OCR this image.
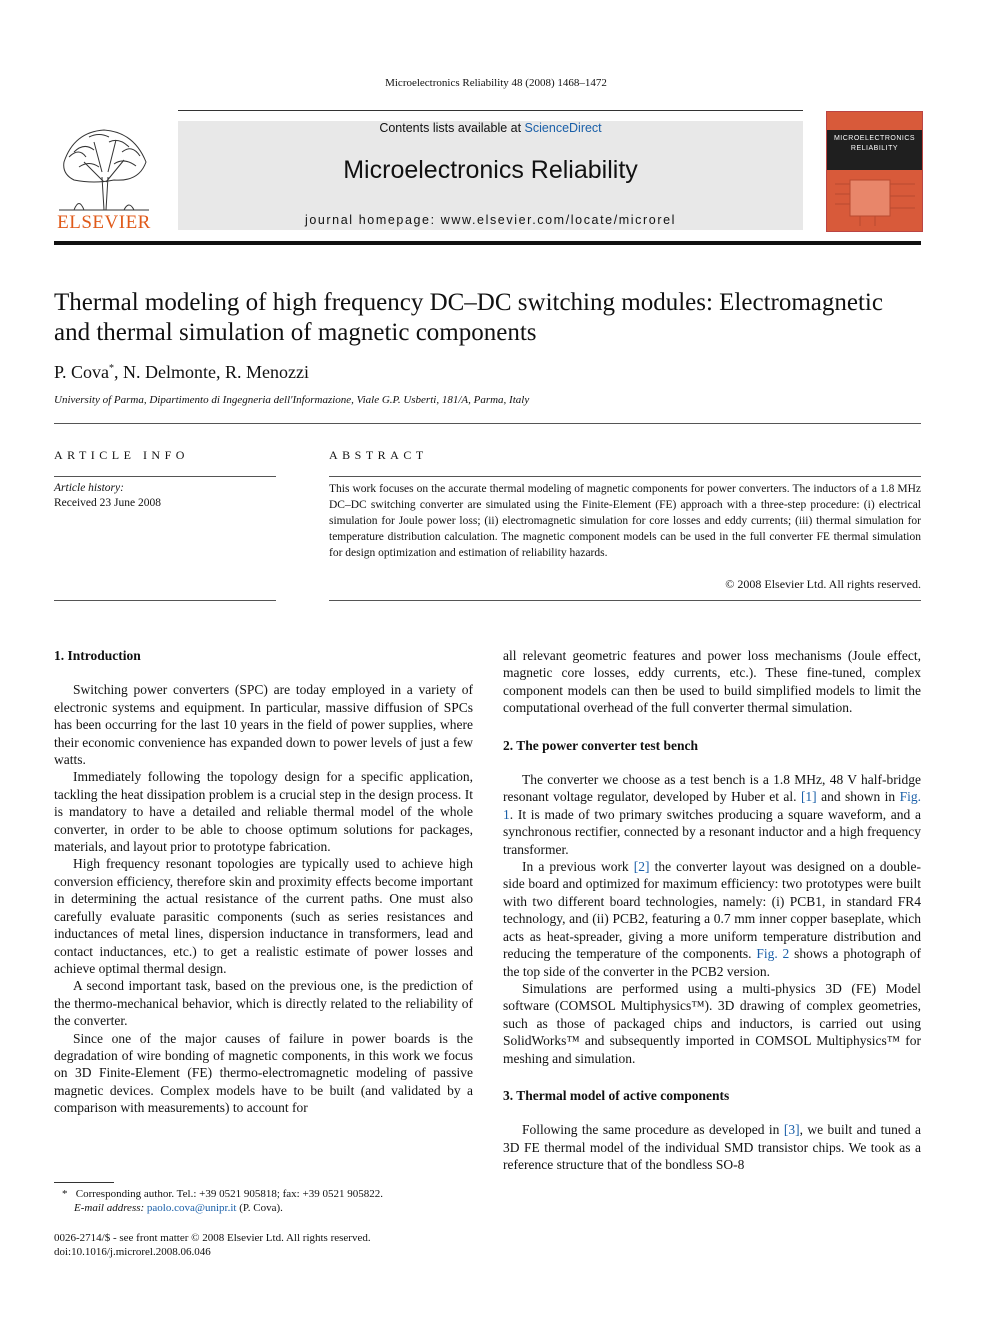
Microelectronics Reliability 48 (2008) 1468–1472
ELSEVIER
Contents lists available at ScienceDirect
Microelectronics Reliability
journal homepage: www.elsevier.com/locate/microrel
MICROELECTRONICS RELIABILITY
Thermal modeling of high frequency DC–DC switching modules: Electromagnetic
and thermal simulation of magnetic components
P. Cova*, N. Delmonte, R. Menozzi
University of Parma, Dipartimento di Ingegneria dell'Informazione, Viale G.P. Usberti, 181/A, Parma, Italy
ARTICLE INFO	ABSTRACT
Article history:
Received 23 June 2008
This work focuses on the accurate thermal modeling of magnetic components for power converters. The inductors of a 1.8 MHz DC–DC switching converter are simulated using the Finite-Element (FE) approach with a three-step procedure: (i) electrical simulation for Joule power loss; (ii) electromagnetic simulation for core losses and eddy currents; (iii) thermal simulation for temperature distribution calculation. The magnetic component models can be used in the full converter FE thermal simulation for design optimization and estimation of reliability hazards.
© 2008 Elsevier Ltd. All rights reserved.
1. Introduction

Switching power converters (SPC) are today employed in a variety of electronic systems and equipment. In particular, massive diffusion of SPCs has been occurring for the last 10 years in the field of power supplies, where their economic convenience has expanded down to power levels of just a few watts.

Immediately following the topology design for a specific application, tackling the heat dissipation problem is a crucial step in the design process. It is mandatory to have a detailed and reliable thermal model of the whole converter, in order to be able to choose optimum solutions for packages, materials, and layout prior to prototype fabrication.

High frequency resonant topologies are typically used to achieve high conversion efficiency, therefore skin and proximity effects become important in determining the actual resistance of the current paths. One must also carefully evaluate parasitic components (such as series resistances and inductances of metal lines, dispersion inductance in transformers, lead and contact inductances, etc.) to get a realistic estimate of power losses and achieve optimal thermal design.

A second important task, based on the previous one, is the prediction of the thermo-mechanical behavior, which is directly related to the reliability of the converter.

Since one of the major causes of failure in power boards is the degradation of wire bonding of magnetic components, in this work we focus on 3D Finite-Element (FE) thermo-electromagnetic modeling of passive magnetic devices. Complex models have to be built (and validated by a comparison with measurements) to account for

all relevant geometric features and power loss mechanisms (Joule effect, magnetic core losses, eddy currents, etc.). These fine-tuned, complex component models can then be used to build simplified models to limit the computational overhead of the full converter thermal simulation.

2. The power converter test bench

The converter we choose as a test bench is a 1.8 MHz, 48 V half-bridge resonant voltage regulator, developed by Huber et al. [1] and shown in Fig. 1. It is made of two primary switches producing a square waveform, and a synchronous rectifier, connected by a resonant inductor and a high frequency transformer.

In a previous work [2] the converter layout was designed on a double-side board and optimized for maximum efficiency: two prototypes were built with two different board technologies, namely: (i) PCB1, in standard FR4 technology, and (ii) PCB2, featuring a 0.7 mm inner copper baseplate, which acts as heat-spreader, giving a more uniform temperature distribution and reducing the temperature of the components. Fig. 2 shows a photograph of the top side of the converter in the PCB2 version.

Simulations are performed using a multi-physics 3D (FE) Model software (COMSOL Multiphysics™). 3D drawing of complex geometries, such as those of packaged chips and inductors, is carried out using SolidWorks™ and subsequently imported in COMSOL Multiphysics™ for meshing and simulation.

3. Thermal model of active components

Following the same procedure as developed in [3], we built and tuned a 3D FE thermal model of the individual SMD transistor chips. We took as a reference structure that of the bondless SO-8

* Corresponding author. Tel.: +39 0521 905818; fax: +39 0521 905822.
E-mail address: paolo.cova@unipr.it (P. Cova).
0026-2714/$ - see front matter © 2008 Elsevier Ltd. All rights reserved.
doi:10.1016/j.microrel.2008.06.046
